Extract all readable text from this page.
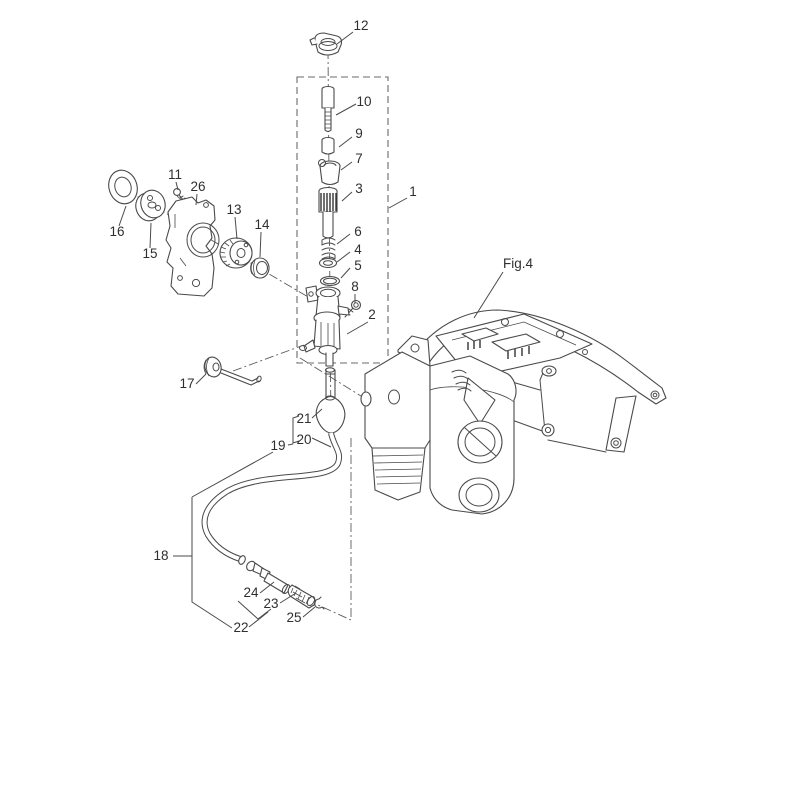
12
10
9
7
3
6
4
5
8
2
1
11
26
13
14
16
15
17
21
20
19
18
22
23
24
25
Fig.4
